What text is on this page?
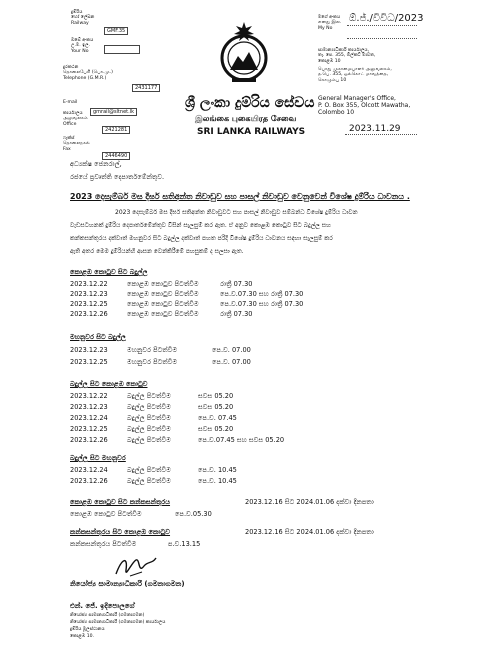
දුම්රිය
හෝ ලේඛන
Railway
GMF.35
ඔබේ අංකය
උ.ම. ඉල.
Your No
දුරකථන
தொலைபேசி (பொ.மு.)
Telephone (G.M.R.)
2431177
E-mail
gmrail@sltnet.lk
කාර්යාලය
அலுவலகம்
Office
2421281
ෆැක්ස්
தொலைநகல்
Fax
2446490
ශ්‍රී ලංකා දුම්රිය සේවය
இலங்கை புகையிரத சேவை
SRI LANKA RAILWAYS
මගේ අංකය
எனது இல.
My No
ඕ.ජ්./විවිධ/2023
සාමාන්‍යාධිකාරි කාර්යාලය,
තැ. පෙ. 355, ඕල්කට් මාවත,
කොළඹ 10
பொது முகாமையாளர் அலுவலகம்,
த.பெ. 355, ஓல்கொட் மாவத்தை,
கொழும்பு 10
General Manager's Office,
P. O. Box 355, Olcott Mawatha,
Colombo 10
2023.11.29
අධ්‍යක්ෂ ජෙනරාල්,
රජයේ ප්‍රවෘත්ති දෙපාර්තමේන්තුව.
2023 දෙසැම්බර් මස දීර්ඝ සතිඅන්ත නිවාඩුව සහ පාසල් නිවාඩුව වෙනුවෙන් විශේෂ දුම්රිය ධාවනය .
2023 දෙසැම්බර් මස දීර්ඝ සතිඅන්ත නිවාඩුවට සහ පාසල් නිවාඩුව සම්බන්ධ විශේෂ දුම්රිය ධාවන
වැඩසටහනක් දුම්රිය දෙපාර්තමේන්තුව විසින් සැලසුම් කර ඇත. ඒ අනුව කොළඹ කොටුව සිට බදුල්ල සහ
කන්කසන්තුරය දක්වාත් මහනුවර සිට බදුල්ල දක්වාත් පහත පරිදි විශේෂ දුම්රිය ධාවනය සඳහා සැලසුම් කර
ඇති අතර මෙම දුම්රියන්හි ආසන වෙන්කිරීමේ පහසුකම් ද සලසා ඇත.
කොළඹ කොටුව සිට බදුල්ල
2023.12.22	කොළඹ කොටුව පිටත්වීම	රාත්‍රී 07.30
2023.12.23	කොළඹ කොටුව පිටත්වීම	පෙ.ව.07.30 සහ රාත්‍රී 07.30
2023.12.25	කොළඹ කොටුව පිටත්වීම	පෙ.ව.07.30 සහ රාත්‍රී 07.30
2023.12.26	කොළඹ කොටුව පිටත්වීම	රාත්‍රී 07.30
මහනුවර සිට බදුල්ල
2023.12.23	මහනුවර පිටත්වීම	පෙ.ව. 07.00
2023.12.25	මහනුවර පිටත්වීම	පෙ.ව. 07.00
බදුල්ල සිට කොළඹ කොටුව
2023.12.22	බදුල්ල පිටත්වීම	සවස 05.20
2023.12.23	බදුල්ල පිටත්වීම	සවස 05.20
2023.12.24	බදුල්ල පිටත්වීම	පෙ.ව. 07.45
2023.12.25	බදුල්ල පිටත්වීම	සවස 05.20
2023.12.26	බදුල්ල පිටත්වීම	පෙ.ව.07.45 සහ සවස 05.20
බදුල්ල සිට මහනුවර
2023.12.24	බදුල්ල පිටත්වීම	පෙ.ව. 10.45
2023.12.26	බදුල්ල පිටත්වීම	පෙ.ව. 10.45
කොළඹ කොටුව සිට කන්කසන්තුරය	2023.12.16 සිට 2024.01.06 දක්වා දිනපතා
කොළඹ කොටුව පිටත්වීම	පෙ.ව.05.30
කන්කසන්තුරය සිට කොළඹ කොටුව	2023.12.16 සිට 2024.01.06 දක්වා දිනපතා
කන්කසන්තුරය පිටත්වීම	ප.ව.13.15
නියෝජ්‍ය සාමාන්‍යාධිකාරි (ගමනාගමන)
එන්. ජේ. ඉදිපොලගේ
නියෝජ්‍ය සාමාන්‍යාධිකාරී (ගමනාගමන)
නියෝජ්‍ය සාමාන්‍යාධිකාරී (ගමනාගමන) කාර්යාලය
දුම්රිය මූලස්ථානය
කොළඹ 10.
